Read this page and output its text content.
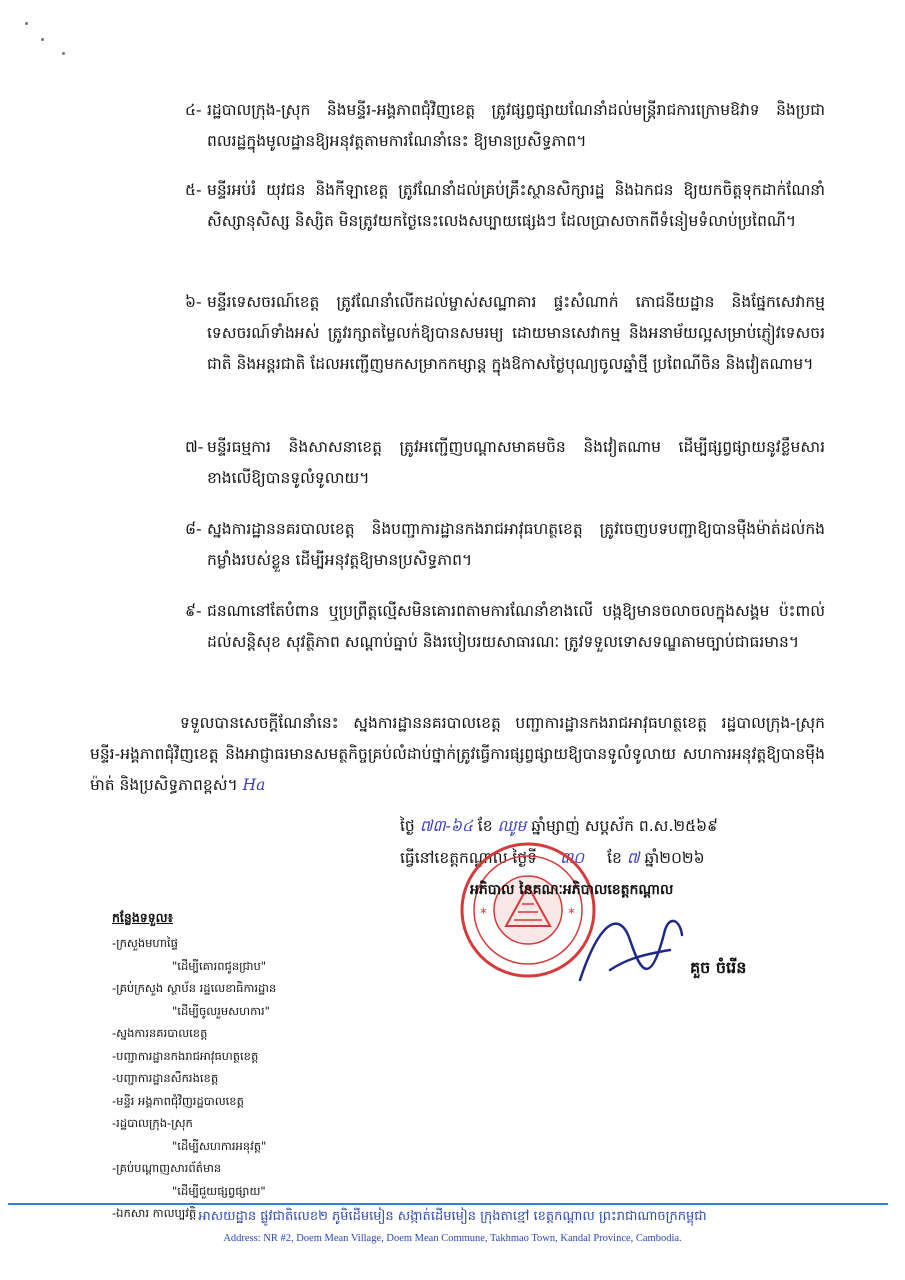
៤- រដ្ឋបាលក្រុង-ស្រុក និងមន្ទីរ-អង្គភាពជុំវិញខេត្ត ត្រូវផ្សព្វផ្សាយណែនាំដល់មន្ត្រីរាជការក្រោមឱវាទ និងប្រជាពលរដ្ឋក្នុងមូលដ្ឋានឱ្យអនុវត្តតាមការណែនាំនេះ ឱ្យមានប្រសិទ្ធភាព។
៥- មន្ទីរអប់រំ យុវជន និងកីឡាខេត្ត ត្រូវណែនាំដល់គ្រប់គ្រឹះស្ថានសិក្សារដ្ឋ និងឯកជន ឱ្យយកចិត្តទុកដាក់ណែនាំសិស្សានុសិស្ស និស្សិត មិនត្រូវយកថ្ងៃនេះលេងសប្បាយផ្សេងៗ ដែលប្រាសចាកពីទំនៀមទំលាប់ប្រពៃណី។
៦- មន្ទីរទេសចរណ៍ខេត្ត ត្រូវណែនាំលើកដល់ម្ចាស់សណ្ឋាគារ ផ្ទះសំណាក់ ភោជនីយដ្ឋាន និងផ្នែកសេវាកម្មទេសចរណ៍ទាំងអស់ ត្រូវរក្សាតម្លៃលក់ឱ្យបានសមរម្យ ដោយមានសេវាកម្ម និងអនាម័យល្អសម្រាប់ភ្ញៀវទេសចរជាតិ និងអន្តរជាតិ ដែលអញ្ជើញមកសម្រាកកម្សាន្ត ក្នុងឱកាសថ្ងៃបុណ្យចូលឆ្នាំថ្មី ប្រពៃណីចិន និងវៀតណាម។
៧- មន្ទីរធម្មការ និងសាសនាខេត្ត ត្រូវអញ្ជើញបណ្តាសមាគមចិន និងវៀតណាម ដើម្បីផ្សព្វផ្សាយនូវខ្លឹមសារខាងលើឱ្យបានទូលំទូលាយ។
៨- ស្នងការដ្ឋាននគរបាលខេត្ត និងបញ្ជាការដ្ឋានកងរាជអាវុធហត្ថខេត្ត ត្រូវចេញបទបញ្ជាឱ្យបានម៉ឺងម៉ាត់ដល់កងកម្លាំងរបស់ខ្លួន ដើម្បីអនុវត្តឱ្យមានប្រសិទ្ធភាព។
៩- ជនណានៅតែបំពាន ឬប្រព្រឹត្តល្មើសមិនគោរពតាមការណែនាំខាងលើ បង្កឱ្យមានចលាចលក្នុងសង្គម ប៉ះពាល់ដល់សន្តិសុខ សុវត្ថិភាព សណ្តាប់ធ្នាប់ និងរបៀបរយសាធារណៈ ត្រូវទទួលទោសទណ្ឌតាមច្បាប់ជាធរមាន។
ទទួលបានសេចក្តីណែនាំនេះ ស្នងការដ្ឋាននគរបាលខេត្ត បញ្ជាការដ្ឋានកងរាជអាវុធហត្ថខេត្ត រដ្ឋបាលក្រុង-ស្រុក មន្ទីរ-អង្គភាពជុំវិញខេត្ត និងអាជ្ញាធរមានសមត្ថកិច្ចគ្រប់លំដាប់ថ្នាក់ត្រូវធ្វើការផ្សព្វផ្សាយឱ្យបានទូលំទូលាយ សហការអនុវត្តឱ្យបានម៉ឺងម៉ាត់ និងប្រសិទ្ធភាពខ្ពស់។ Ha
ថ្ងៃ ៧៣-៦៤ ខែ ឈូម ឆ្នាំម្សាញ់ សប្តស័ក ព.ស.២៥៦៩
ធ្វើនៅខេត្តកណ្តាល ថ្ងៃទី ៣០ ខែ ៧ ឆ្នាំ២០២៦
*	*
អភិបាល នៃគណៈអភិបាលខេត្តកណ្តាល
គួច ចំរើន
កន្លែងទទួល៖
-ក្រសួងមហាផ្ទៃ
"ដើម្បីគោរពជូនជ្រាប"
-គ្រប់ក្រសួង ស្ថាប័ន រដ្ឋលេខាធិការដ្ឋាន
"ដើម្បីចូលរួមសហការ"
-ស្នងការនគរបាលខេត្ត
-បញ្ជាការដ្ឋានកងរាជអាវុធហត្ថខេត្ត
-បញ្ជាការដ្ឋានសឹករងខេត្ត
-មន្ទីរ អង្គភាពជុំវិញរដ្ឋបាលខេត្ត
-រដ្ឋបាលក្រុង-ស្រុក
"ដើម្បីសហការអនុវត្ត"
-គ្រប់បណ្តាញសារព័ត៌មាន
"ដើម្បីជួយផ្សព្វផ្សាយ"
-ឯកសារ កាលប្បវត្តិ អាសយដ្ឋាន ផ្លូវជាតិលេខ២ ភូមិដើមមៀន សង្កាត់ដើមមៀន ក្រុងតាខ្មៅ ខេត្តកណ្តាល ព្រះរាជាណាចក្រកម្ពុជា
Address: NR #2, Doem Mean Village, Doem Mean Commune, Takhmao Town, Kandal Province, Cambodia.
